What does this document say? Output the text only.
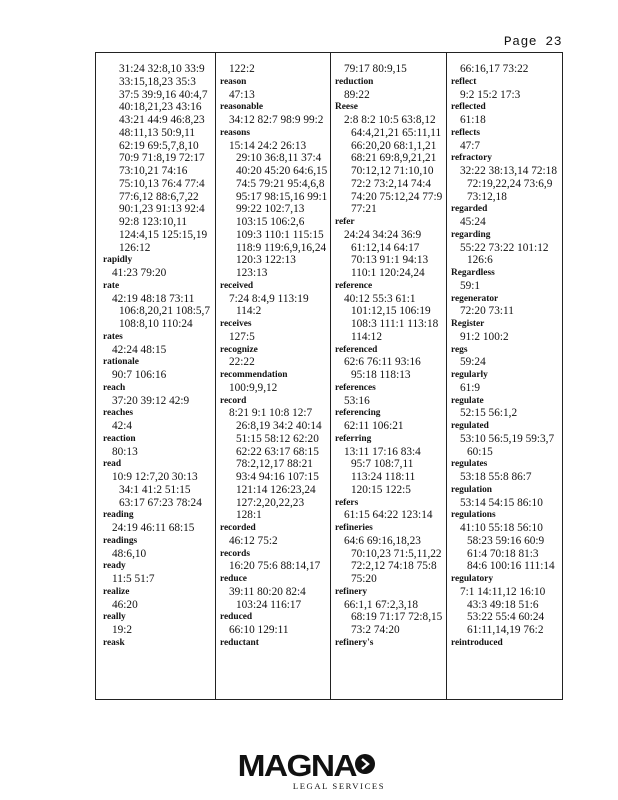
Page 23
31:24 32:8,10 33:9
33:15,18,23 35:3
37:5 39:9,16 40:4,7
40:18,21,23 43:16
43:21 44:9 46:8,23
48:11,13 50:9,11
62:19 69:5,7,8,10
70:9 71:8,19 72:17
73:10,21 74:16
75:10,13 76:4 77:4
77:6,12 88:6,7,22
90:1,23 91:13 92:4
92:8 123:10,11
124:4,15 125:15,19
126:12
rapidly
41:23 79:20
rate
42:19 48:18 73:11
106:8,20,21 108:5,7
108:8,10 110:24
rates
42:24 48:15
rationale
90:7 106:16
reach
37:20 39:12 42:9
reaches
42:4
reaction
80:13
read
10:9 12:7,20 30:13
34:1 41:2 51:15
63:17 67:23 78:24
reading
24:19 46:11 68:15
readings
48:6,10
ready
11:5 51:7
realize
46:20
really
19:2
reask
122:2
reason
47:13
reasonable
34:12 82:7 98:9 99:2
reasons
15:14 24:2 26:13
29:10 36:8,11 37:4
40:20 45:20 64:6,15
74:5 79:21 95:4,6,8
95:17 98:15,16 99:1
99:22 102:7,13
103:15 106:2,6
109:3 110:1 115:15
118:9 119:6,9,16,24
120:3 122:13
123:13
received
7:24 8:4,9 113:19
114:2
receives
127:5
recognize
22:22
recommendation
100:9,9,12
record
8:21 9:1 10:8 12:7
26:8,19 34:2 40:14
51:15 58:12 62:20
62:22 63:17 68:15
78:2,12,17 88:21
93:4 94:16 107:15
121:14 126:23,24
127:2,20,22,23
128:1
recorded
46:12 75:2
records
16:20 75:6 88:14,17
reduce
39:11 80:20 82:4
103:24 116:17
reduced
66:10 129:11
reductant
79:17 80:9,15
reduction
89:22
Reese
2:8 8:2 10:5 63:8,12
64:4,21,21 65:11,11
66:20,20 68:1,1,21
68:21 69:8,9,21,21
70:12,12 71:10,10
72:2 73:2,14 74:4
74:20 75:12,24 77:9
77:21
refer
24:24 34:24 36:9
61:12,14 64:17
70:13 91:1 94:13
110:1 120:24,24
reference
40:12 55:3 61:1
101:12,15 106:19
108:3 111:1 113:18
114:12
referenced
62:6 76:11 93:16
95:18 118:13
references
53:16
referencing
62:11 106:21
referring
13:11 17:16 83:4
95:7 108:7,11
113:24 118:11
120:15 122:5
refers
61:15 64:22 123:14
refineries
64:6 69:16,18,23
70:10,23 71:5,11,22
72:2,12 74:18 75:8
75:20
refinery
66:1,1 67:2,3,18
68:19 71:17 72:8,15
73:2 74:20
refinery's
66:16,17 73:22
reflect
9:2 15:2 17:3
reflected
61:18
reflects
47:7
refractory
32:22 38:13,14 72:18
72:19,22,24 73:6,9
73:12,18
regarded
45:24
regarding
55:22 73:22 101:12
126:6
Regardless
59:1
regenerator
72:20 73:11
Register
91:2 100:2
regs
59:24
regularly
61:9
regulate
52:15 56:1,2
regulated
53:10 56:5,19 59:3,7
60:15
regulates
53:18 55:8 86:7
regulation
53:14 54:15 86:10
regulations
41:10 55:18 56:10
58:23 59:16 60:9
61:4 70:18 81:3
84:6 100:16 111:14
regulatory
7:1 14:11,12 16:10
43:3 49:18 51:6
53:22 55:4 60:24
61:11,14,19 76:2
reintroduced
MAGNA
LEGAL SERVICES
